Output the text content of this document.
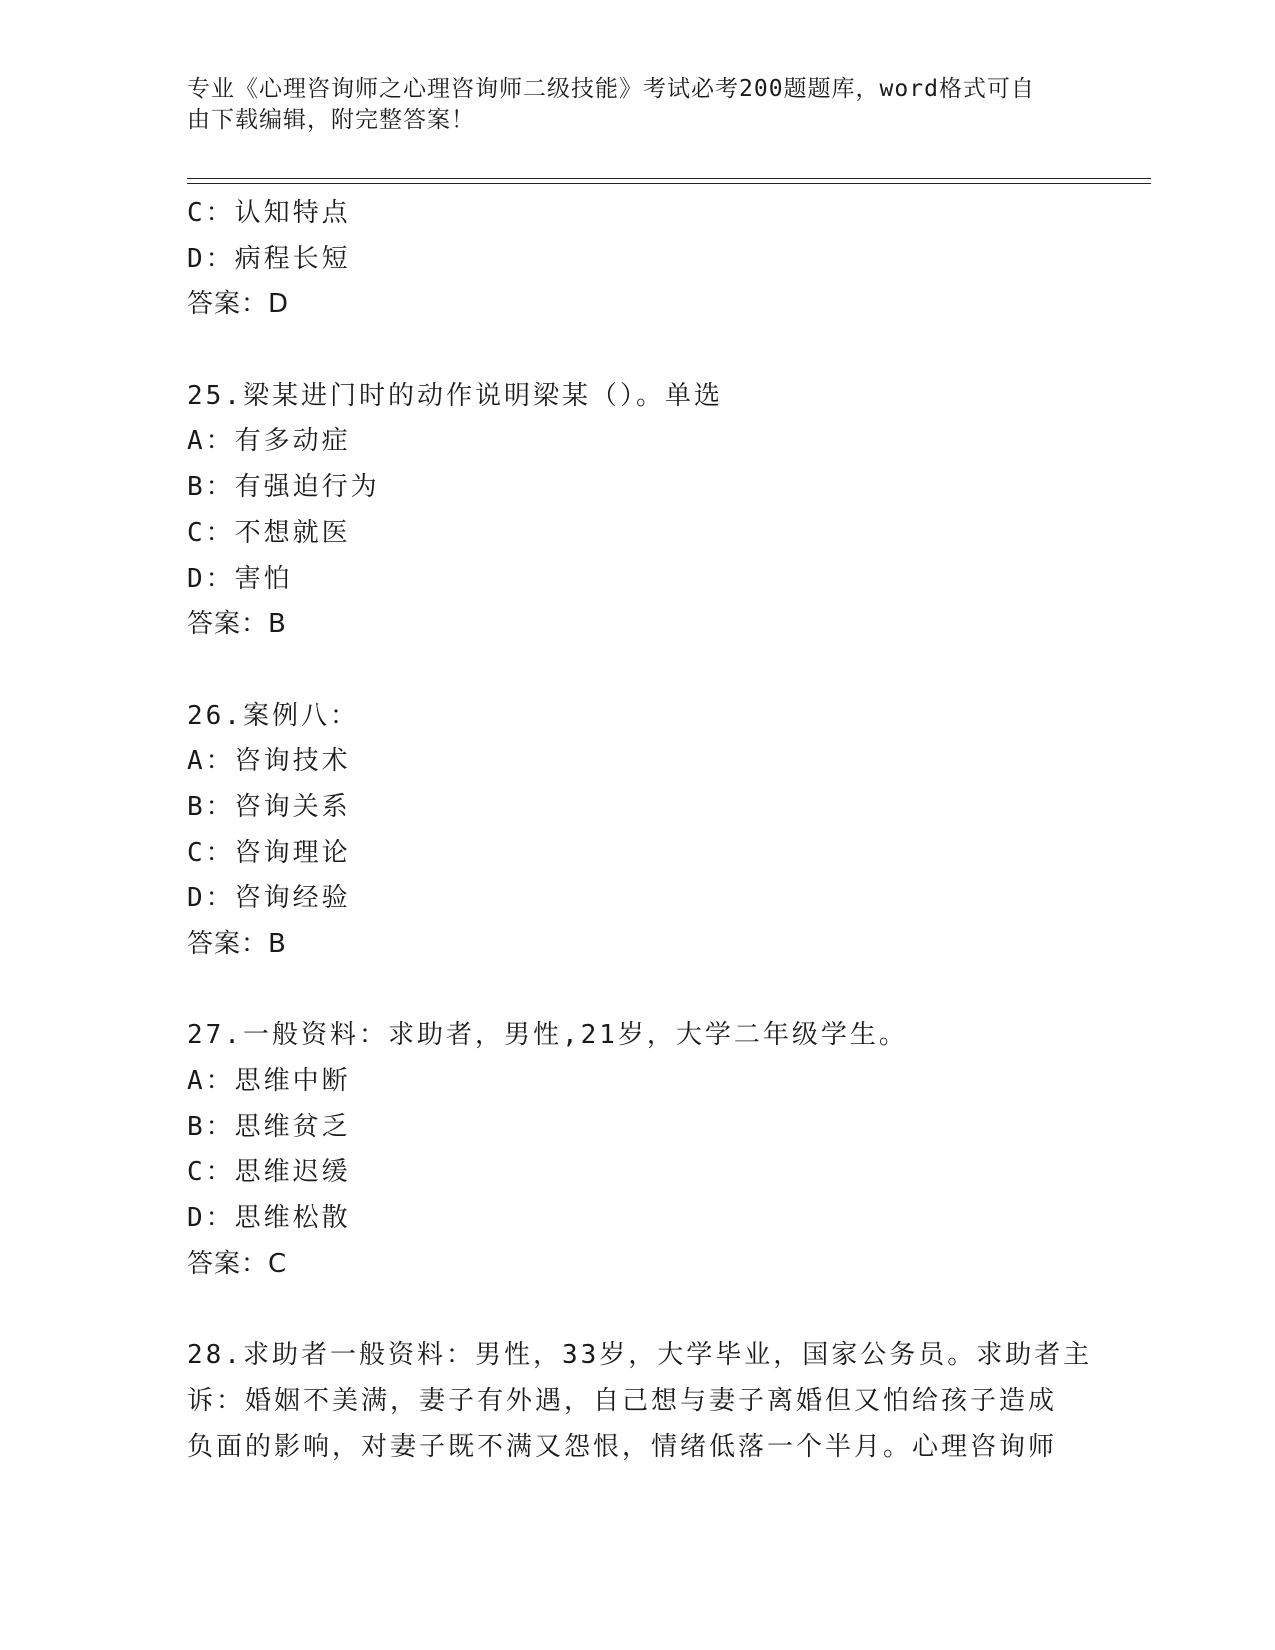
专业《心理咨询师之心理咨询师二级技能》考试必考200题题库，word格式可自
由下载编辑，附完整答案！
C：认知特点
D：病程长短
答案：D
25.梁某进门时的动作说明梁某（）。单选
A：有多动症
B：有强迫行为
C：不想就医
D：害怕
答案：B
26.案例八：
A：咨询技术
B：咨询关系
C：咨询理论
D：咨询经验
答案：B
27.一般资料：求助者，男性,21岁，大学二年级学生。
A：思维中断
B：思维贫乏
C：思维迟缓
D：思维松散
答案：C
28.求助者一般资料：男性，33岁，大学毕业，国家公务员。求助者主
诉：婚姻不美满，妻子有外遇，自己想与妻子离婚但又怕给孩子造成
负面的影响，对妻子既不满又怨恨，情绪低落一个半月。心理咨询师
